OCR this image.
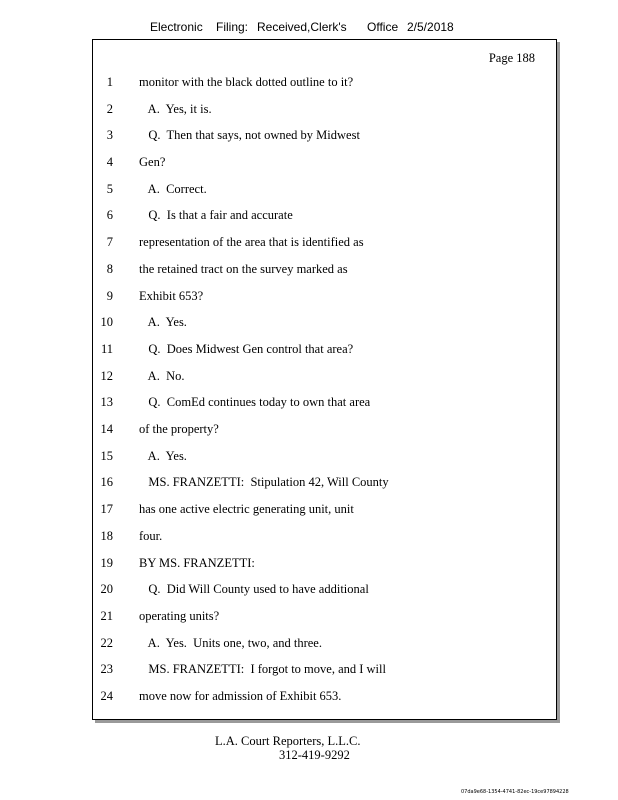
Electronic Filing: Received,Clerk's Office 2/5/2018
Page 188
1 monitor with the black dotted outline to it?
2 A.  Yes, it is.
3 Q.  Then that says, not owned by Midwest
4 Gen?
5 A.  Correct.
6 Q.  Is that a fair and accurate
7 representation of the area that is identified as
8 the retained tract on the survey marked as
9 Exhibit 653?
10 A.  Yes.
11 Q.  Does Midwest Gen control that area?
12 A.  No.
13 Q.  ComEd continues today to own that area
14 of the property?
15 A.  Yes.
16 MS. FRANZETTI:  Stipulation 42, Will County
17 has one active electric generating unit, unit
18 four.
19 BY MS. FRANZETTI:
20 Q.  Did Will County used to have additional
21 operating units?
22 A.  Yes.  Units one, two, and three.
23 MS. FRANZETTI:  I forgot to move, and I will
24 move now for admission of Exhibit 653.
L.A. Court Reporters, L.L.C.
312-419-9292
07da9e68-1354-4741-82ec-19ce97894228
